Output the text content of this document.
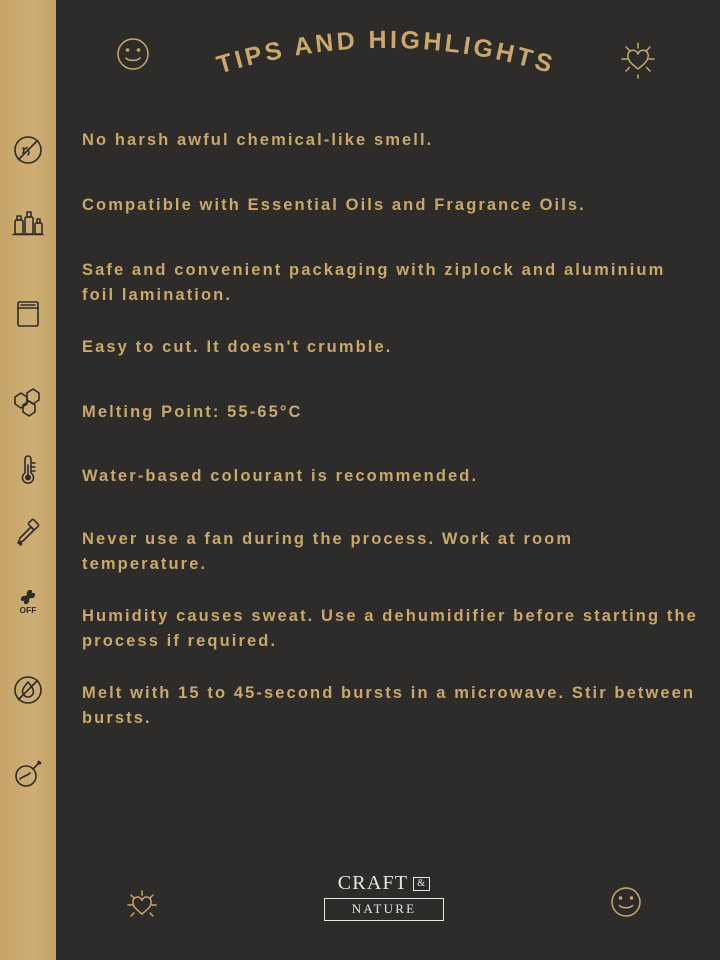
OFF
TIPS AND HIGHLIGHTS
No harsh awful chemical-like smell.
Compatible with Essential Oils and Fragrance Oils.
Safe and convenient packaging with ziplock and aluminium foil lamination.
Easy to cut. It doesn't crumble.
Melting Point: 55-65°C
Water-based colourant is recommended.
Never use a fan during the process. Work at room temperature.
Humidity causes sweat. Use a dehumidifier before starting the process if required.
Melt with 15 to 45-second bursts in a microwave. Stir between bursts.
CRAFT &
NATURE
